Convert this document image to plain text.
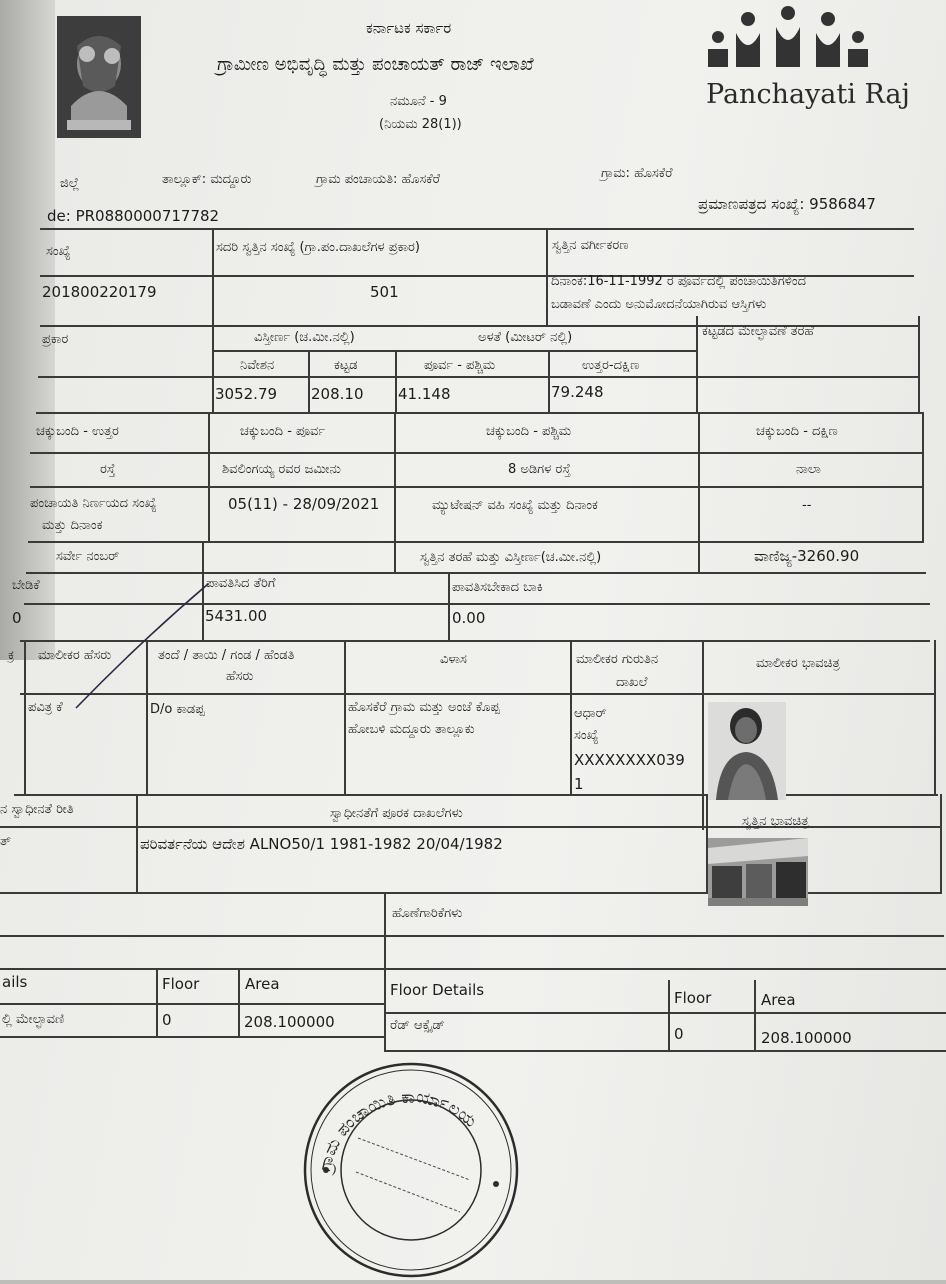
Panchayati Raj
ಕರ್ನಾಟಕ ಸರ್ಕಾರ
ಗ್ರಾಮೀಣ ಅಭಿವೃದ್ಧಿ ಮತ್ತು ಪಂಚಾಯತ್ ರಾಜ್ ಇಲಾಖೆ
ನಮೂನೆ - 9
(ನಿಯಮ 28(1))
ಜಿಲ್ಲೆ	ತಾಲ್ಲೂಕ್: ಮದ್ದೂರು	ಗ್ರಾಮ ಪಂಚಾಯತಿ: ಹೊಸಕೆರೆ	ಗ್ರಾಮ: ಹೊಸಕೆರೆ
de: PR0880000717782
ಪ್ರಮಾಣಪತ್ರದ ಸಂಖ್ಯೆ: 9586847
ಸಂಖ್ಯೆ	ಸದರಿ ಸ್ವತ್ತಿನ ಸಂಖ್ಯೆ (ಗ್ರಾ.ಪಂ.ದಾಖಲೆಗಳ ಪ್ರಕಾರ)	ಸ್ವತ್ತಿನ ವರ್ಗೀಕರಣ
201800220179	501
ದಿನಾಂಕ:16-11-1992 ರ ಪೂರ್ವದಲ್ಲಿ ಪಂಚಾಯಿತಿಗಳಿಂದ
ಬಡಾವಣೆ ಎಂದು ಅನುಮೋದನೆಯಾಗಿರುವ ಆಸ್ತಿಗಳು
ಪ್ರಕಾರ	ವಿಸ್ತೀರ್ಣ (ಚ.ಮೀ.ನಲ್ಲಿ)	ಅಳತೆ (ಮೀಟರ್ ನಲ್ಲಿ)	ಕಟ್ಟಡದ ಮೇಲ್ಛಾವಣೆ ತರಹೆ
ನಿವೇಶನ	ಕಟ್ಟಡ	ಪೂರ್ವ - ಪಶ್ಚಿಮ	ಉತ್ತರ-ದಕ್ಷಿಣ
3052.79 208.10 41.148	79.248
ಚಕ್ಕುಬಂದಿ - ಉತ್ತರ	ಚಕ್ಕುಬಂದಿ - ಪೂರ್ವ	ಚಕ್ಕುಬಂದಿ - ಪಶ್ಚಿಮ	ಚಕ್ಕುಬಂದಿ - ದಕ್ಷಿಣ
ರಸ್ತೆ	ಶಿವಲಿಂಗಯ್ಯ ರವರ ಜಮೀನು	8 ಅಡಿಗಳ ರಸ್ತೆ	ನಾಲಾ
ಪಂಚಾಯತಿ ನಿರ್ಣಯದ ಸಂಖ್ಯೆ
ಮತ್ತು ದಿನಾಂಕ
05(11) - 28/09/2021	ಮ್ಯುಟೇಷನ್ ವಹಿ ಸಂಖ್ಯೆ ಮತ್ತು ದಿನಾಂಕ	--
ಸರ್ವೇ ನಂಬರ್	ಸ್ವತ್ತಿನ ತರಹೆ ಮತ್ತು ವಿಸ್ತೀರ್ಣ(ಚ.ಮೀ.ನಲ್ಲಿ)	ವಾಣಿಜ್ಯ-3260.90
ಬೇಡಿಕೆ	ಪಾವತಿಸಿದ ತೆರಿಗೆ	ಪಾವತಿಸಬೇಕಾದ ಬಾಕಿ
0	5431.00	0.00
ಕ್ರ ಮಾಲೀಕರ ಹೆಸರು	ತಂದೆ / ತಾಯಿ / ಗಂಡ / ಹೆಂಡತಿ
ಹೆಸರು
ವಿಳಾಸ	ಮಾಲೀಕರ ಗುರುತಿನ
ದಾಖಲೆ
ಮಾಲೀಕರ ಭಾವಚಿತ್ರ
ಪವಿತ್ರ ಕೆ	D/o ಕಾಡಪ್ಪ	ಹೊಸಕೆರೆ ಗ್ರಾಮ ಮತ್ತು ಅಂಚೆ ಕೊಪ್ಪ
ಹೋಬಳಿ ಮದ್ದೂರು ತಾಲ್ಲೂಕು
ಆಧಾರ್
ಸಂಖ್ಯೆ
XXXXXXXX039
1
ನ ಸ್ವಾಧೀನತೆ ರೀತಿ	ಸ್ವಾಧೀನತೆಗೆ ಪೂರಕ ದಾಖಲೆಗಳು
ಸ್ವತ್ತಿನ ಭಾವಚಿತ್ರ
ತ್	ಪರಿವರ್ತನೆಯ ಆದೇಶ ALNO50/1 1981-1982 20/04/1982
ಹೊಣೆಗಾರಿಕೆಗಳು
ails	Floor	Area
ಲ್ಲಿ ಮೇಲ್ಛಾವಣಿ	0	208.100000
Floor Details	Floor	Area
ರೆಡ್ ಆಕ್ಸೈಡ್	0	208.100000
ಗ್ರಾಮ ಪಂಚಾಯಿತಿ ಕಾರ್ಯಾಲಯ
